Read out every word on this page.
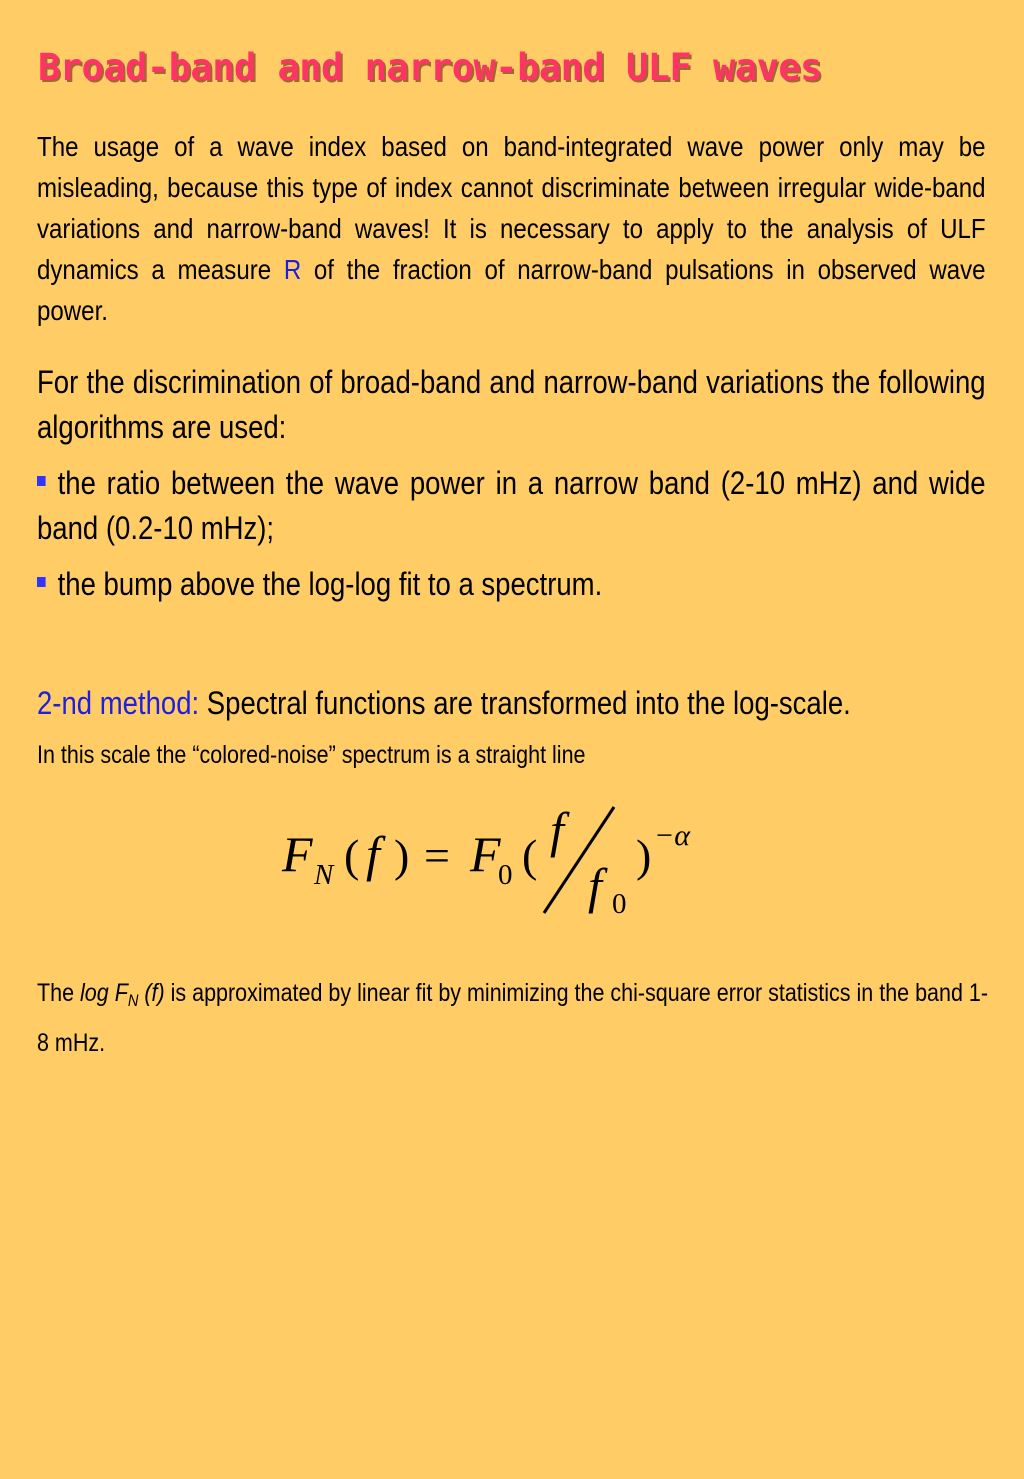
Broad-band and narrow-band ULF waves

The usage of a wave index based on band-integrated wave power only may be misleading, because this type of index cannot discriminate between irregular wide-band variations and narrow-band waves! It is necessary to apply to the analysis of ULF dynamics a measure R of the fraction of narrow-band pulsations in observed wave power.

For the discrimination of broad-band and narrow-band variations the following algorithms are used:

the ratio between the wave power in a narrow band (2-10 mHz) and wide band (0.2-10 mHz);

the bump above the log-log fit to a spectrum.

2-nd method: Spectral functions are transformed into the log-scale.

In this scale the “colored-noise” spectrum is a straight line

F N ( f ) = F
0 ( f
f 0
) −α

The $\log F_N$ (f) is approximated by linear fit by minimizing the chi-square error statistics in the band 1-8 mHz.
